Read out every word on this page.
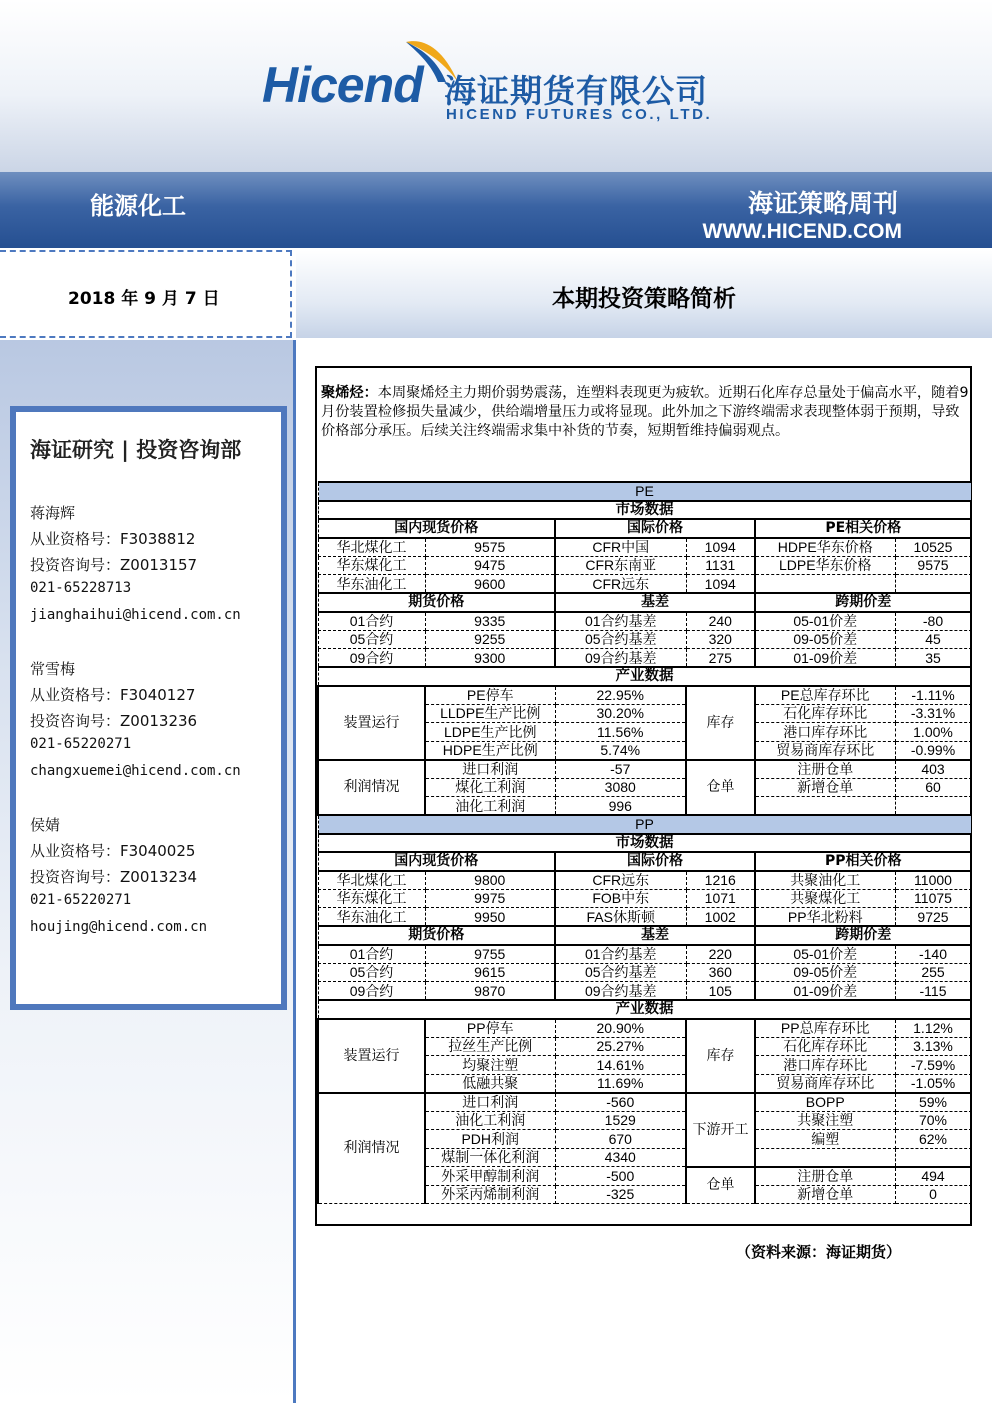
Hicend 海证期货有限公司
HICEND FUTURES CO., LTD.
能源化工	海证策略周刊
WWW.HICEND.COM
2018 年 9 月 7 日	本期投资策略简析
海证研究 | 投资咨询部
蒋海辉
从业资格号：F3038812
投资咨询号：Z0013157
021-65228713
jianghaihui@hicend.com.cn
常雪梅
从业资格号：F3040127
投资咨询号：Z0013236
021-65220271
changxuemei@hicend.com.cn
侯婧
从业资格号：F3040025
投资咨询号：Z0013234
021-65220271
houjing@hicend.com.cn
聚烯烃：本周聚烯烃主力期价弱势震荡，连塑料表现更为疲软。近期石化库存总量处于偏高水平，随着9月份装置检修损失量减少，供给端增量压力或将显现。此外加之下游终端需求表现整体弱于预期，导致价格部分承压。后续关注终端需求集中补货的节奏，短期暂维持偏弱观点。
PE					
市场数据					
国内现货价格		国际价格		PE相关价格	
华北煤化工	9575	CFR中国	1094	HDPE华东价格	10525
华东煤化工	9475	CFR东南亚	1131	LDPE华东价格	9575
华东油化工	9600	CFR远东	1094		
期货价格		基差		跨期价差	
01合约	9335	01合约基差	240	05-01价差	-80
05合约	9255	05合约基差	320	09-05价差	45
09合约	9300	09合约基差	275	01-09价差	35
产业数据					
装置运行	PE停车	22.95%	库存	PE总库存环比	-1.11%
	LLDPE生产比例	30.20%		石化库存环比	-3.31%
	LDPE生产比例	11.56%		港口库存环比	1.00%
	HDPE生产比例	5.74%		贸易商库存环比	-0.99%
利润情况	进口利润	-57	仓单	注册仓单	403
	煤化工利润	3080		新增仓单	60
	油化工利润	996			
PP					
市场数据					
国内现货价格		国际价格		PP相关价格	
华北煤化工	9800	CFR远东	1216	共聚油化工	11000
华东煤化工	9975	FOB中东	1071	共聚煤化工	11075
华东油化工	9950	FAS休斯顿	1002	PP华北粉料	9725
期货价格		基差		跨期价差	
01合约	9755	01合约基差	220	05-01价差	-140
05合约	9615	05合约基差	360	09-05价差	255
09合约	9870	09合约基差	105	01-09价差	-115
产业数据					
装置运行	PP停车	20.90%	库存	PP总库存环比	1.12%
	拉丝生产比例	25.27%		石化库存环比	3.13%
	均聚注塑	14.61%		港口库存环比	-7.59%
	低融共聚	11.69%		贸易商库存环比	-1.05%
利润情况	进口利润	-560	下游开工	BOPP	59%
	油化工利润	1529		共聚注塑	70%
	PDH利润	670		编塑	62%
	煤制一体化利润	4340			
	外采甲醇制利润	-500	仓单	注册仓单	494
	外采丙烯制利润	-325		新增仓单	0
（资料来源：海证期货）
